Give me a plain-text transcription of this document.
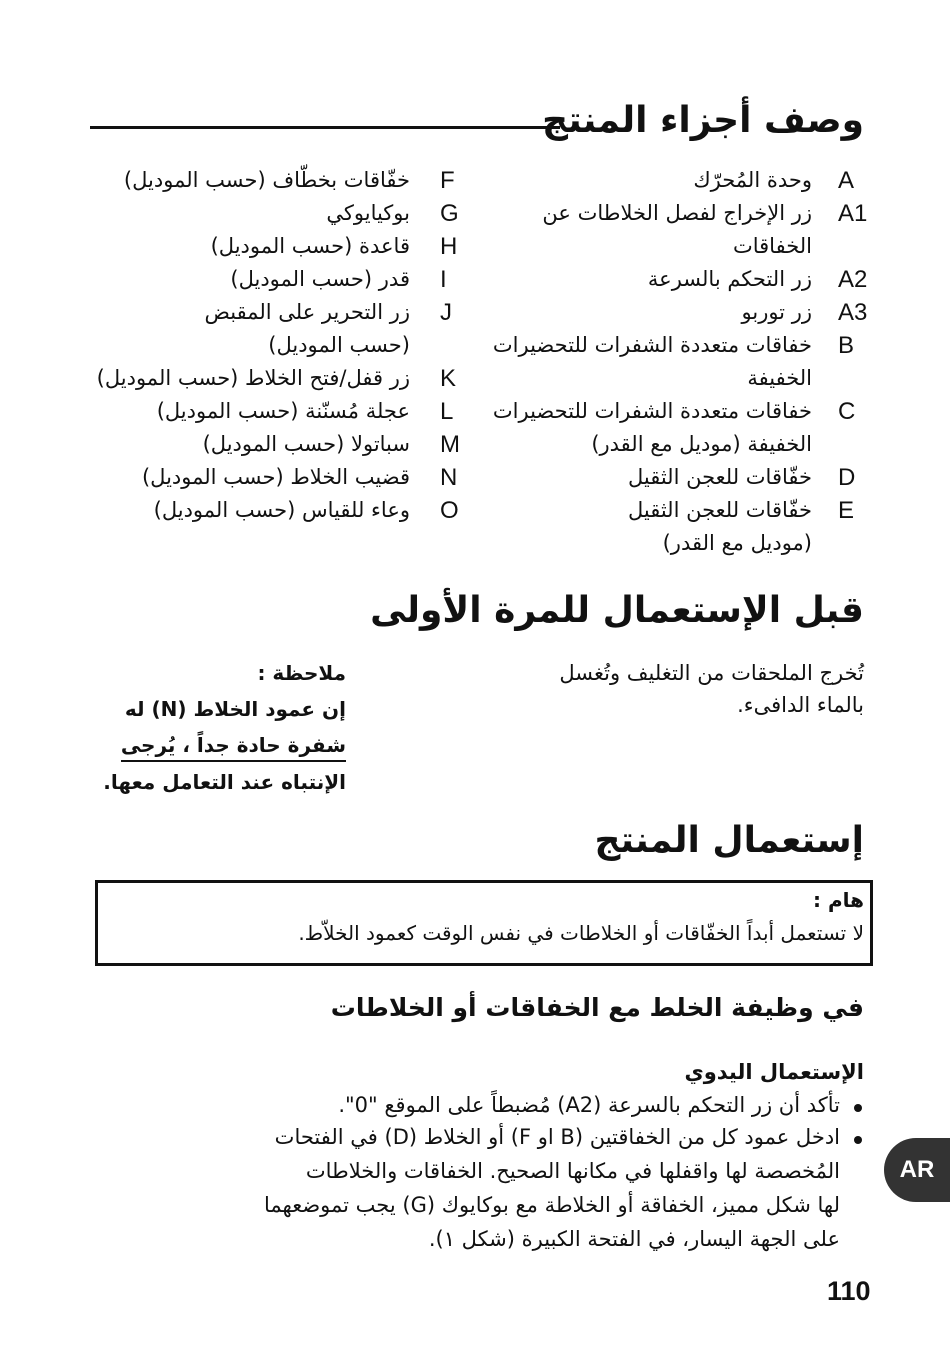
وصف أجزاء المنتج
A
وحدة المُحرّك
A1
زر الإخراج لفصل الخلاطات عن
الخفاقات
A2
زر التحكم بالسرعة
A3
زر توربو
B
خفاقات متعددة الشفرات للتحضيرات
الخفيفة
C
خفاقات متعددة الشفرات للتحضيرات
الخفيفة (موديل مع القدر)
D
خفّاقات للعجن الثقيل
E
خفّاقات للعجن الثقيل
(موديل مع القدر)
F
خفّاقات بخطّاف (حسب الموديل)
G
بوكيايوكي
H
قاعدة (حسب الموديل)
I
قدر (حسب الموديل)
J
زر التحرير على المقبض
(حسب الموديل)
K
زر قفل/فتح الخلاط (حسب الموديل)
L
عجلة مُسنّنة (حسب الموديل)
M
سباتولا (حسب الموديل)
N
قضيب الخلاط (حسب الموديل)
O
وعاء للقياس (حسب الموديل)
قبل الإستعمال للمرة الأولى
تُخرج الملحقات من التغليف وتُغسل
بالماء الدافىء.
ملاحظة :
إن عمود الخلاط (N) له
شفرة حادة جداً ، يُرجى
الإنتباه عند التعامل معها.
إستعمال المنتج
هام :
لا تستعمل أبداً الخفّاقات أو الخلاطات في نفس الوقت كعمود الخلاّط.
في وظيفة الخلط مع الخفاقات أو الخلاطات
الإستعمال اليدوي
تأكد أن زر التحكم بالسرعة (A2) مُضبطاً على الموقع "0".
ادخل عمود كل من الخفاقتين (B او F) أو الخلاط (D) في الفتحات
المُخصصة لها واقفلها في مكانها الصحيح. الخفاقات والخلاطات
لها شكل مميز، الخفاقة أو الخلاطة مع بوكايوك (G) يجب تموضعهما
على الجهة اليسار، في الفتحة الكبيرة (شكل ١).
AR
110
